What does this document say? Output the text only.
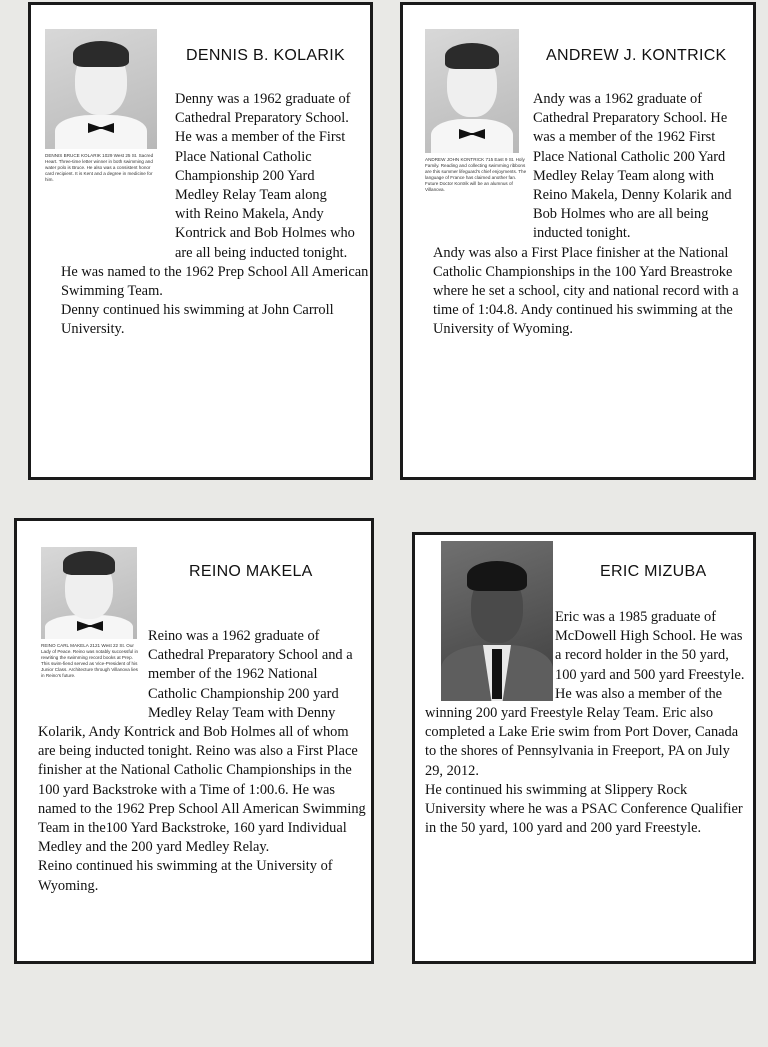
DENNIS BRUCE KOLARIK 1029 West 25 St. Sacred Heart. Three-time letter winner in both swimming and water polo is Bruce. He also was a consistent honor card recipient. It is Kent and a degree in medicine for him.
DENNIS B. KOLARIK

Denny was a 1962 graduate of Cathedral Preparatory School. He was a member of the First Place National Catholic Championship 200 Yard Medley Relay Team along with Reino Makela, Andy Kontrick and Bob Holmes who are all being inducted tonight.

He was named to the 1962 Prep School All American Swimming Team.

Denny continued his swimming at John Carroll University.

ANDREW JOHN KONTRICK 715 East 9 St. Holy Family. Reading and collecting swimming ribbons are this summer lifeguard's chief enjoyments. The language of France has claimed another fan. Future Doctor Kontrik will be an alumnus of Villanova.
ANDREW J. KONTRICK

Andy was a 1962 graduate of Cathedral Preparatory School. He was a member of the 1962 First Place National Catholic 200 Yard Medley Relay Team along with Reino Makela, Denny Kolarik and Bob Holmes who are all being inducted tonight.

Andy was also a First Place finisher at the National Catholic Championships in the 100 Yard Breastroke where he set a school, city and national record with a time of 1:04.8. Andy continued his swimming at the University of Wyoming.

REINO CARL MAKELA 2121 West 22 St. Our Lady of Peace. Reino was notably successful in rewriting the swimming record books at Prep. This swim-fiend served as Vice-President of his Junior Class. Architecture through Villanova lies in Reino's future.
REINO MAKELA

Reino was a 1962 graduate of Cathedral Preparatory School and a member of the 1962 National Catholic Championship 200 yard Medley Relay Team with Denny Kolarik, Andy Kontrick and Bob Holmes all of whom are being inducted tonight. Reino was also a First Place finisher at the National Catholic Championships in the 100 yard Backstroke with a Time of 1:00.6. He was named to the 1962 Prep School All American Swimming Team in the100 Yard Backstroke, 160 yard Individual Medley and the 200 yard Medley Relay.

Reino continued his swimming at the University of Wyoming.

ERIC MIZUBA

Eric was a 1985 graduate of McDowell High School. He was a record holder in the 50 yard, 100 yard and 500 yard Freestyle. He was also a member of the winning 200 yard Freestyle Relay Team. Eric also completed a Lake Erie swim from Port Dover, Canada to the shores of Pennsylvania in Freeport, PA on July 29, 2012.

He continued his swimming at Slippery Rock University where he was a PSAC Conference Qualifier in the 50 yard, 100 yard and 200 yard Freestyle.
